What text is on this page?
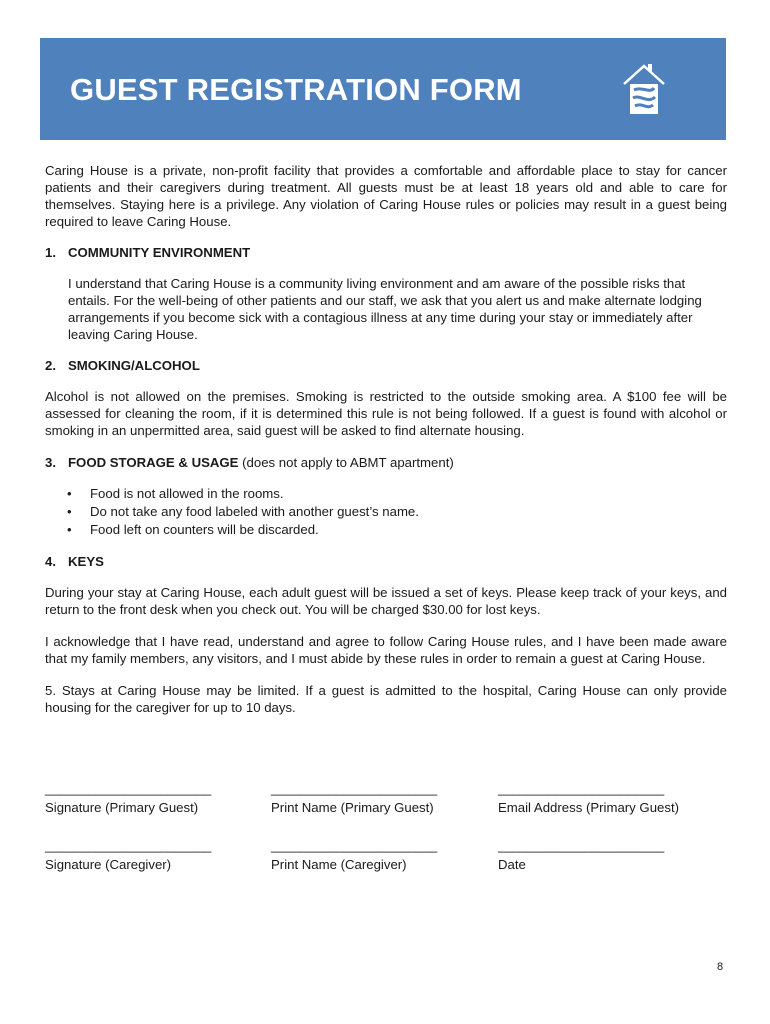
GUEST REGISTRATION FORM

Caring House is a private, non-profit facility that provides a comfortable and affordable place to stay for cancer patients and their caregivers during treatment. All guests must be at least 18 years old and able to care for themselves. Staying here is a privilege. Any violation of Caring House rules or policies may result in a guest being required to leave Caring House.

1. COMMUNITY ENVIRONMENT

I understand that Caring House is a community living environment and am aware of the possible risks that entails. For the well-being of other patients and our staff, we ask that you alert us and make alternate lodging arrangements if you become sick with a contagious illness at any time during your stay or immediately after leaving Caring House.

2. SMOKING/ALCOHOL

Alcohol is not allowed on the premises. Smoking is restricted to the outside smoking area. A $100 fee will be assessed for cleaning the room, if it is determined this rule is not being followed. If a guest is found with alcohol or smoking in an unpermitted area, said guest will be asked to find alternate housing.

3. FOOD STORAGE & USAGE (does not apply to ABMT apartment)
• Food is not allowed in the rooms.
• Do not take any food labeled with another guest’s name.
• Food left on counters will be discarded.
4. KEYS

During your stay at Caring House, each adult guest will be issued a set of keys. Please keep track of your keys, and return to the front desk when you check out. You will be charged $30.00 for lost keys.

I acknowledge that I have read, understand and agree to follow Caring House rules, and I have been made aware that my family members, any visitors, and I must abide by these rules in order to remain a guest at Caring House.

5. Stays at Caring House may be limited. If a guest is admitted to the hospital, Caring House can only provide housing for the caregiver for up to 10 days.

_______________________
Signature (Primary Guest)
_______________________
Print Name (Primary Guest)
_______________________
Email Address (Primary Guest)
_______________________
Signature (Caregiver)
_______________________
Print Name (Caregiver)
_______________________
Date
8
